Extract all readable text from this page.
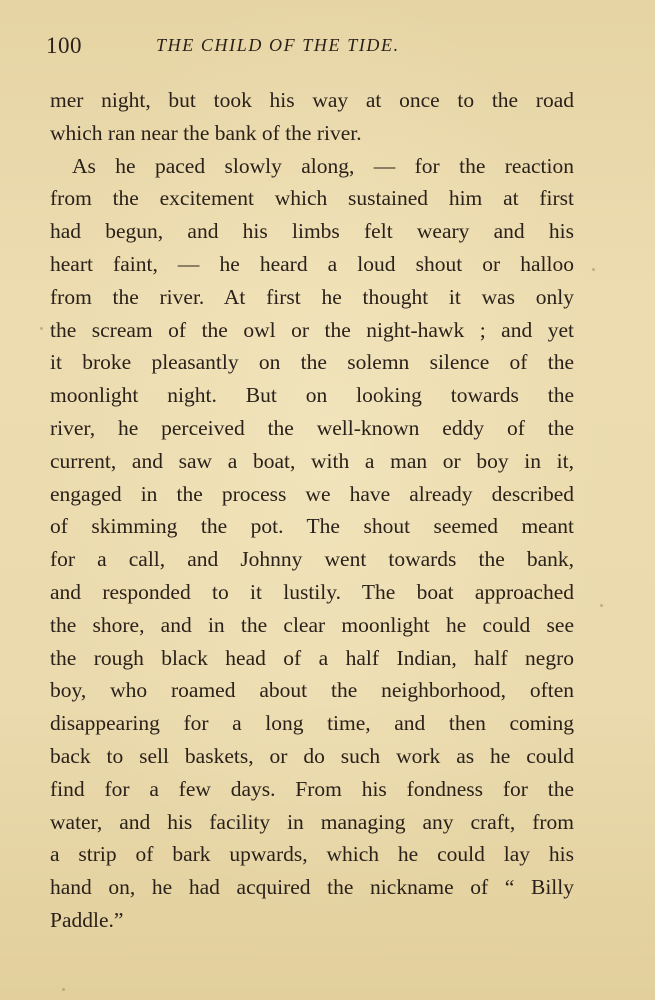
100	THE CHILD OF THE TIDE.
mer night, but took his way at once to the road
which ran near the bank of the river.
As he paced slowly along, — for the reaction
from the excitement which sustained him at first
had begun, and his limbs felt weary and his
heart faint, — he heard a loud shout or halloo
from the river. At first he thought it was only
the scream of the owl or the night-hawk ; and yet
it broke pleasantly on the solemn silence of the
moonlight night. But on looking towards the
river, he perceived the well-known eddy of the
current, and saw a boat, with a man or boy in it,
engaged in the process we have already described
of skimming the pot. The shout seemed meant
for a call, and Johnny went towards the bank,
and responded to it lustily. The boat approached
the shore, and in the clear moonlight he could see
the rough black head of a half Indian, half negro
boy, who roamed about the neighborhood, often
disappearing for a long time, and then coming
back to sell baskets, or do such work as he could
find for a few days. From his fondness for the
water, and his facility in managing any craft, from
a strip of bark upwards, which he could lay his
hand on, he had acquired the nickname of “ Billy
Paddle.”
